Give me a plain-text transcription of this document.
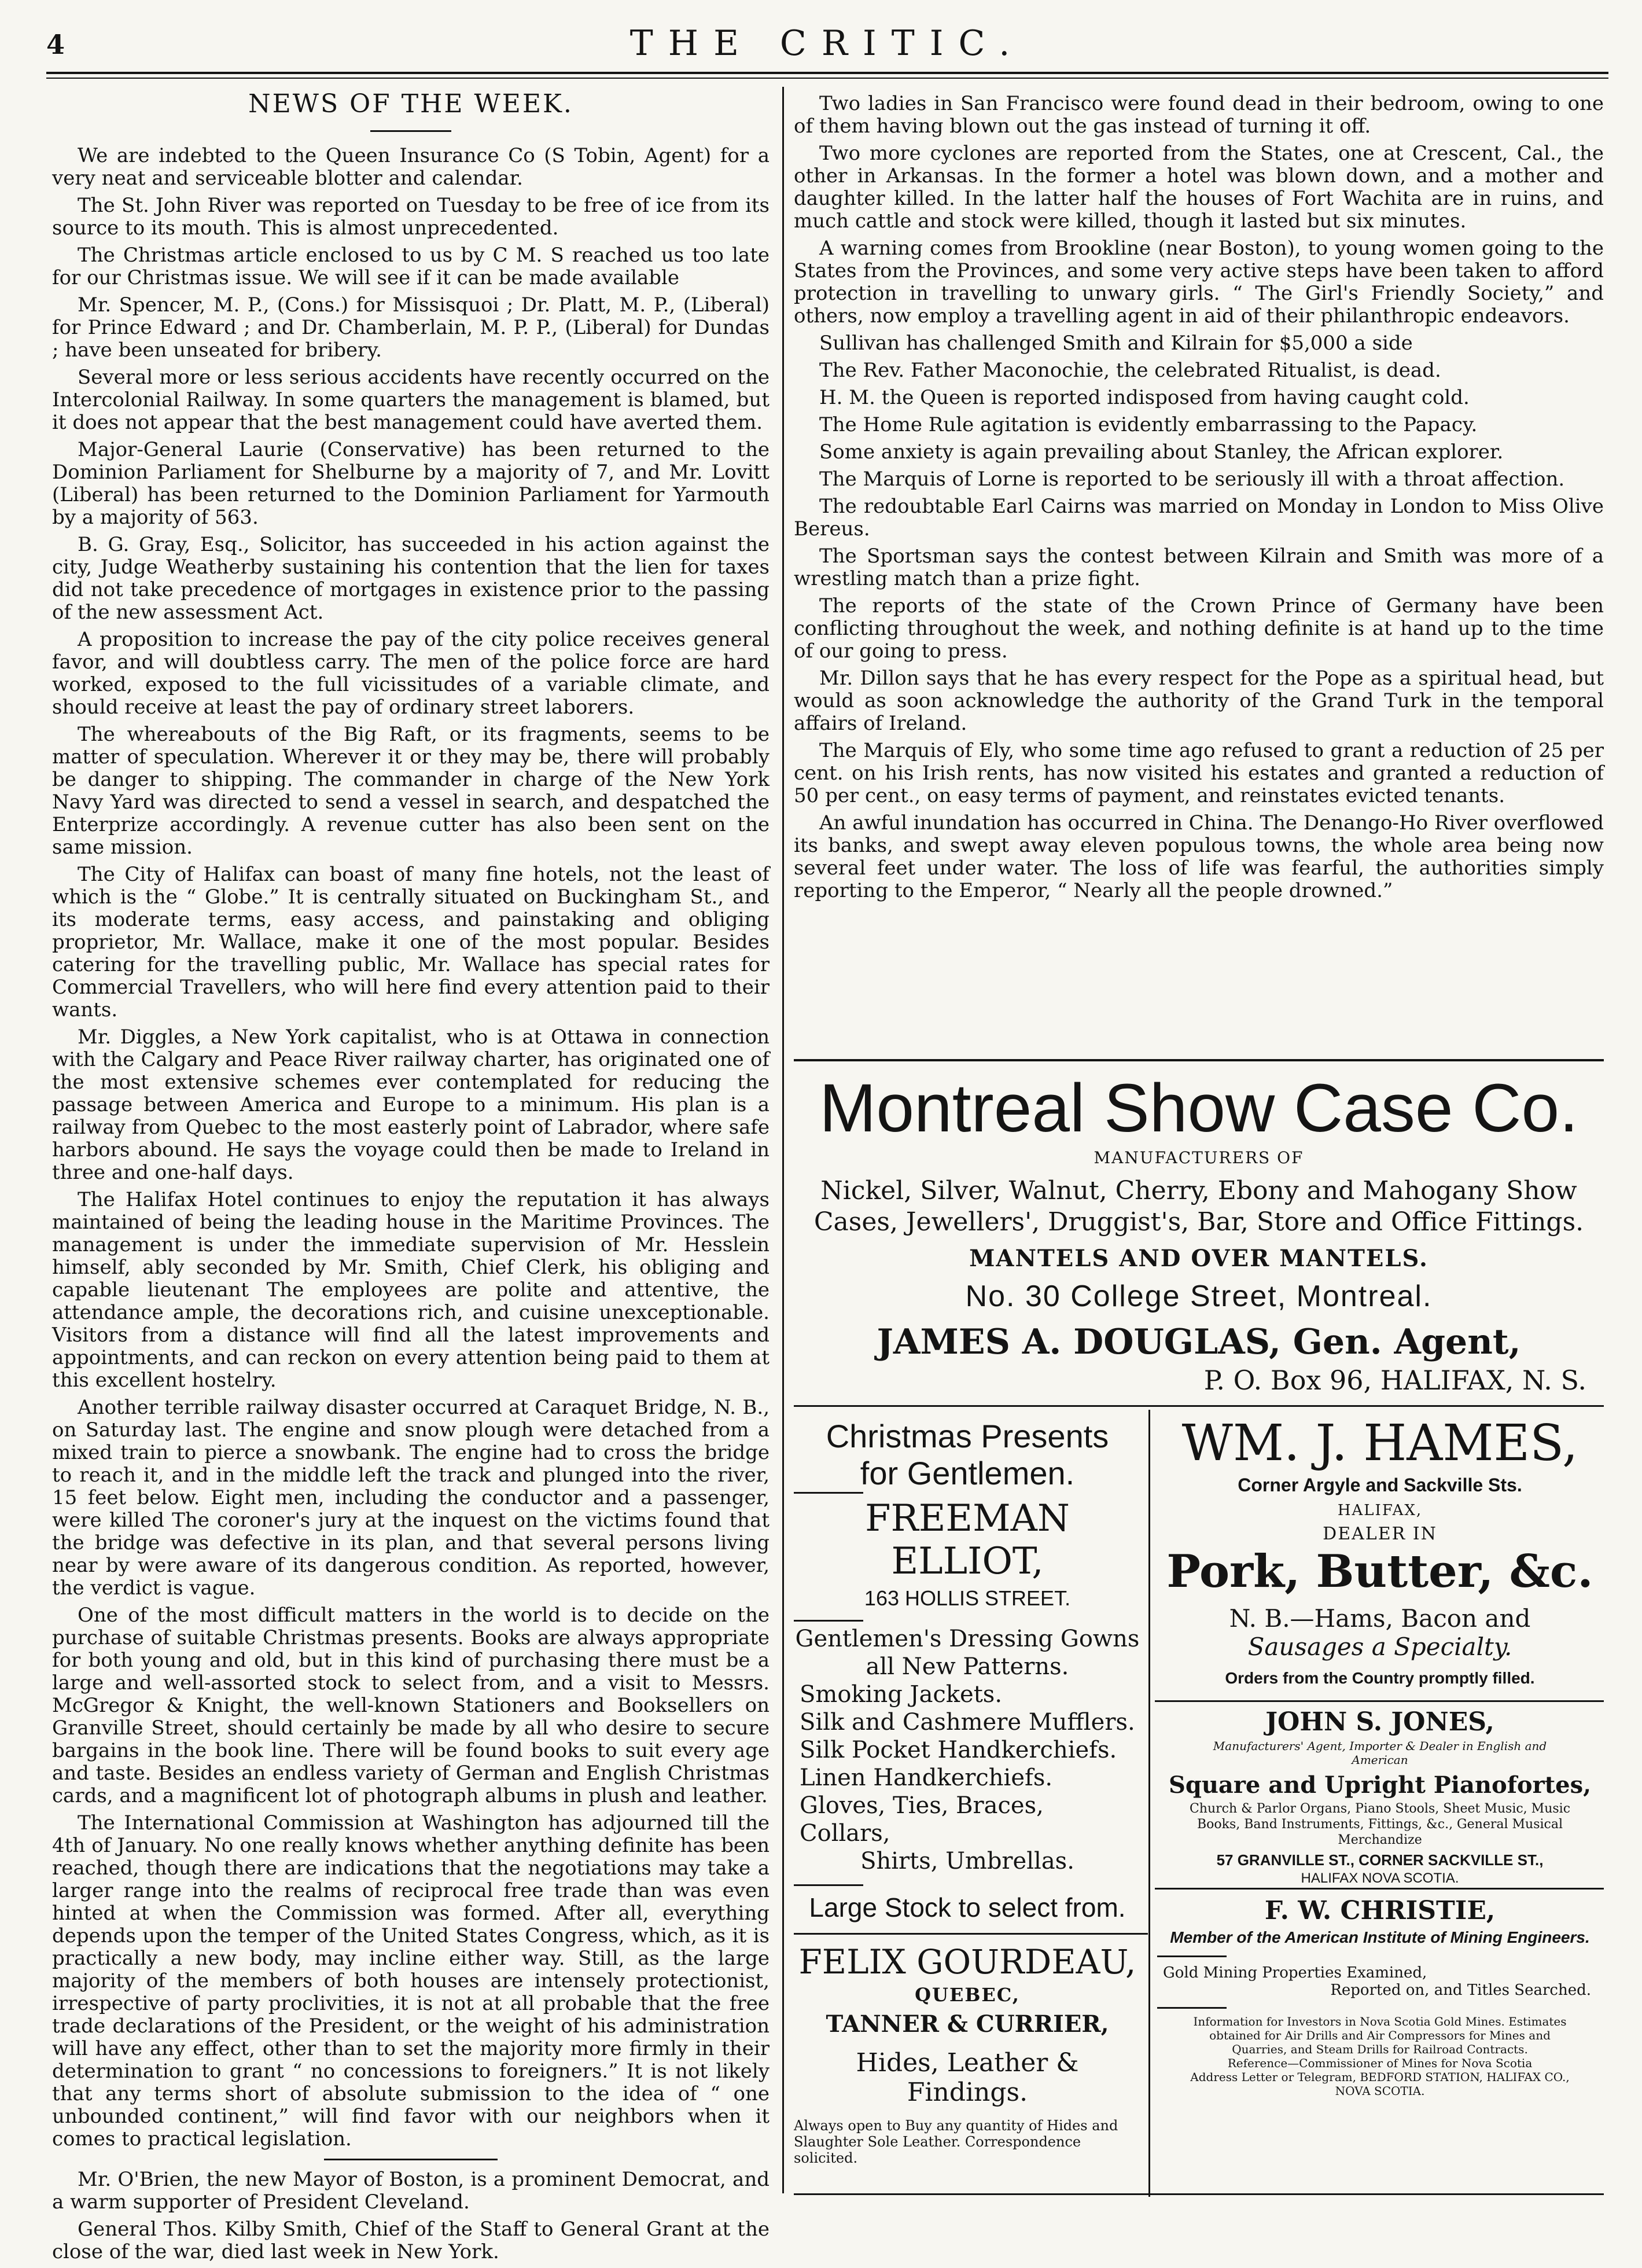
4	THE CRITIC.
NEWS OF THE WEEK.

We are indebted to the Queen Insurance Co (S Tobin, Agent) for a very neat and serviceable blotter and calendar.

The St. John River was reported on Tuesday to be free of ice from its source to its mouth. This is almost unprecedented.

The Christmas article enclosed to us by C M. S reached us too late for our Christmas issue. We will see if it can be made available

Mr. Spencer, M. P., (Cons.) for Missisquoi ; Dr. Platt, M. P., (Liberal) for Prince Edward ; and Dr. Chamberlain, M. P. P., (Liberal) for Dundas ; have been unseated for bribery.

Several more or less serious accidents have recently occurred on the Intercolonial Railway. In some quarters the management is blamed, but it does not appear that the best management could have averted them.

Major-General Laurie (Conservative) has been returned to the Dominion Parliament for Shelburne by a majority of 7, and Mr. Lovitt (Liberal) has been returned to the Dominion Parliament for Yarmouth by a majority of 563.

B. G. Gray, Esq., Solicitor, has succeeded in his action against the city, Judge Weatherby sustaining his contention that the lien for taxes did not take precedence of mortgages in existence prior to the passing of the new assessment Act.

A proposition to increase the pay of the city police receives general favor, and will doubtless carry. The men of the police force are hard worked, exposed to the full vicissitudes of a variable climate, and should receive at least the pay of ordinary street laborers.

The whereabouts of the Big Raft, or its fragments, seems to be matter of speculation. Wherever it or they may be, there will probably be danger to shipping. The commander in charge of the New York Navy Yard was directed to send a vessel in search, and despatched the Enterprize accordingly. A revenue cutter has also been sent on the same mission.

The City of Halifax can boast of many fine hotels, not the least of which is the “ Globe.” It is centrally situated on Buckingham St., and its moderate terms, easy access, and painstaking and obliging proprietor, Mr. Wallace, make it one of the most popular. Besides catering for the travelling public, Mr. Wallace has special rates for Commercial Travellers, who will here find every attention paid to their wants.

Mr. Diggles, a New York capitalist, who is at Ottawa in connection with the Calgary and Peace River railway charter, has originated one of the most extensive schemes ever contemplated for reducing the passage between America and Europe to a minimum. His plan is a railway from Quebec to the most easterly point of Labrador, where safe harbors abound. He says the voyage could then be made to Ireland in three and one-half days.

The Halifax Hotel continues to enjoy the reputation it has always maintained of being the leading house in the Maritime Provinces. The management is under the immediate supervision of Mr. Hesslein himself, ably seconded by Mr. Smith, Chief Clerk, his obliging and capable lieutenant The employees are polite and attentive, the attendance ample, the decorations rich, and cuisine unexceptionable. Visitors from a distance will find all the latest improvements and appointments, and can reckon on every attention being paid to them at this excellent hostelry.

Another terrible railway disaster occurred at Caraquet Bridge, N. B., on Saturday last. The engine and snow plough were detached from a mixed train to pierce a snowbank. The engine had to cross the bridge to reach it, and in the middle left the track and plunged into the river, 15 feet below. Eight men, including the conductor and a passenger, were killed The coroner's jury at the inquest on the victims found that the bridge was defective in its plan, and that several persons living near by were aware of its dangerous condition. As reported, however, the verdict is vague.

One of the most difficult matters in the world is to decide on the purchase of suitable Christmas presents. Books are always appropriate for both young and old, but in this kind of purchasing there must be a large and well-assorted stock to select from, and a visit to Messrs. McGregor & Knight, the well-known Stationers and Booksellers on Granville Street, should certainly be made by all who desire to secure bargains in the book line. There will be found books to suit every age and taste. Besides an endless variety of German and English Christmas cards, and a magnificent lot of photograph albums in plush and leather.

The International Commission at Washington has adjourned till the 4th of January. No one really knows whether anything definite has been reached, though there are indications that the negotiations may take a larger range into the realms of reciprocal free trade than was even hinted at when the Commission was formed. After all, everything depends upon the temper of the United States Congress, which, as it is practically a new body, may incline either way. Still, as the large majority of the members of both houses are intensely protectionist, irrespective of party proclivities, it is not at all probable that the free trade declarations of the President, or the weight of his administration will have any effect, other than to set the majority more firmly in their determination to grant “ no concessions to foreigners.” It is not likely that any terms short of absolute submission to the idea of “ one unbounded continent,” will find favor with our neighbors when it comes to practical legislation.

Mr. O'Brien, the new Mayor of Boston, is a prominent Democrat, and a warm supporter of President Cleveland.

General Thos. Kilby Smith, Chief of the Staff to General Grant at the close of the war, died last week in New York.

Two ladies in San Francisco were found dead in their bedroom, owing to one of them having blown out the gas instead of turning it off.

Two more cyclones are reported from the States, one at Crescent, Cal., the other in Arkansas. In the former a hotel was blown down, and a mother and daughter killed. In the latter half the houses of Fort Wachita are in ruins, and much cattle and stock were killed, though it lasted but six minutes.

A warning comes from Brookline (near Boston), to young women going to the States from the Provinces, and some very active steps have been taken to afford protection in travelling to unwary girls. “ The Girl's Friendly Society,” and others, now employ a travelling agent in aid of their philanthropic endeavors.

Sullivan has challenged Smith and Kilrain for $5,000 a side

The Rev. Father Maconochie, the celebrated Ritualist, is dead.

H. M. the Queen is reported indisposed from having caught cold.

The Home Rule agitation is evidently embarrassing to the Papacy.

Some anxiety is again prevailing about Stanley, the African explorer.

The Marquis of Lorne is reported to be seriously ill with a throat affection.

The redoubtable Earl Cairns was married on Monday in London to Miss Olive Bereus.

The Sportsman says the contest between Kilrain and Smith was more of a wrestling match than a prize fight.

The reports of the state of the Crown Prince of Germany have been conflicting throughout the week, and nothing definite is at hand up to the time of our going to press.

Mr. Dillon says that he has every respect for the Pope as a spiritual head, but would as soon acknowledge the authority of the Grand Turk in the temporal affairs of Ireland.

The Marquis of Ely, who some time ago refused to grant a reduction of 25 per cent. on his Irish rents, has now visited his estates and granted a reduction of 50 per cent., on easy terms of payment, and reinstates evicted tenants.

An awful inundation has occurred in China. The Denango-Ho River overflowed its banks, and swept away eleven populous towns, the whole area being now several feet under water. The loss of life was fearful, the authorities simply reporting to the Emperor, “ Nearly all the people drowned.”

Montreal Show Case Co.
MANUFACTURERS OF
Nickel, Silver, Walnut, Cherry, Ebony and Mahogany Show
Cases, Jewellers', Druggist's, Bar, Store and Office Fittings.
MANTELS AND OVER MANTELS.
No. 30 College Street, Montreal.
JAMES A. DOUGLAS, Gen. Agent,
P. O. Box 96, HALIFAX, N. S.
Christmas Presents
for Gentlemen.
FREEMAN ELLIOT,
163 HOLLIS STREET.
Gentlemen's Dressing Gowns
all New Patterns.
Smoking Jackets.
Silk and Cashmere Mufflers.
Silk Pocket Handkerchiefs.
Linen Handkerchiefs.
Gloves, Ties, Braces, Collars,
Shirts, Umbrellas.
Large Stock to select from.
FELIX GOURDEAU,
QUEBEC,
TANNER & CURRIER,
Hides, Leather & Findings.
Always open to Buy any quantity of Hides and Slaughter Sole Leather. Correspondence solicited.
WM. J. HAMES,
Corner Argyle and Sackville Sts.
HALIFAX,
DEALER IN
Pork, Butter, &c.
N. B.—Hams, Bacon and
Sausages a Specialty.
Orders from the Country promptly filled.
JOHN S. JONES,
Manufacturers' Agent, Importer & Dealer in English and American
Square and Upright Pianofortes,
Church & Parlor Organs, Piano Stools, Sheet Music, Music Books, Band Instruments, Fittings, &c., General Musical Merchandize
57 GRANVILLE ST., CORNER SACKVILLE ST.,
HALIFAX NOVA SCOTIA.
F. W. CHRISTIE,
Member of the American Institute of Mining Engineers.
Gold Mining Properties Examined,
Reported on, and Titles Searched.
Information for Investors in Nova Scotia Gold Mines. Estimates obtained for Air Drills and Air Compressors for Mines and Quarries, and Steam Drills for Railroad Contracts.
Reference—Commissioner of Mines for Nova Scotia
Address Letter or Telegram, BEDFORD STATION, HALIFAX CO., NOVA SCOTIA.
